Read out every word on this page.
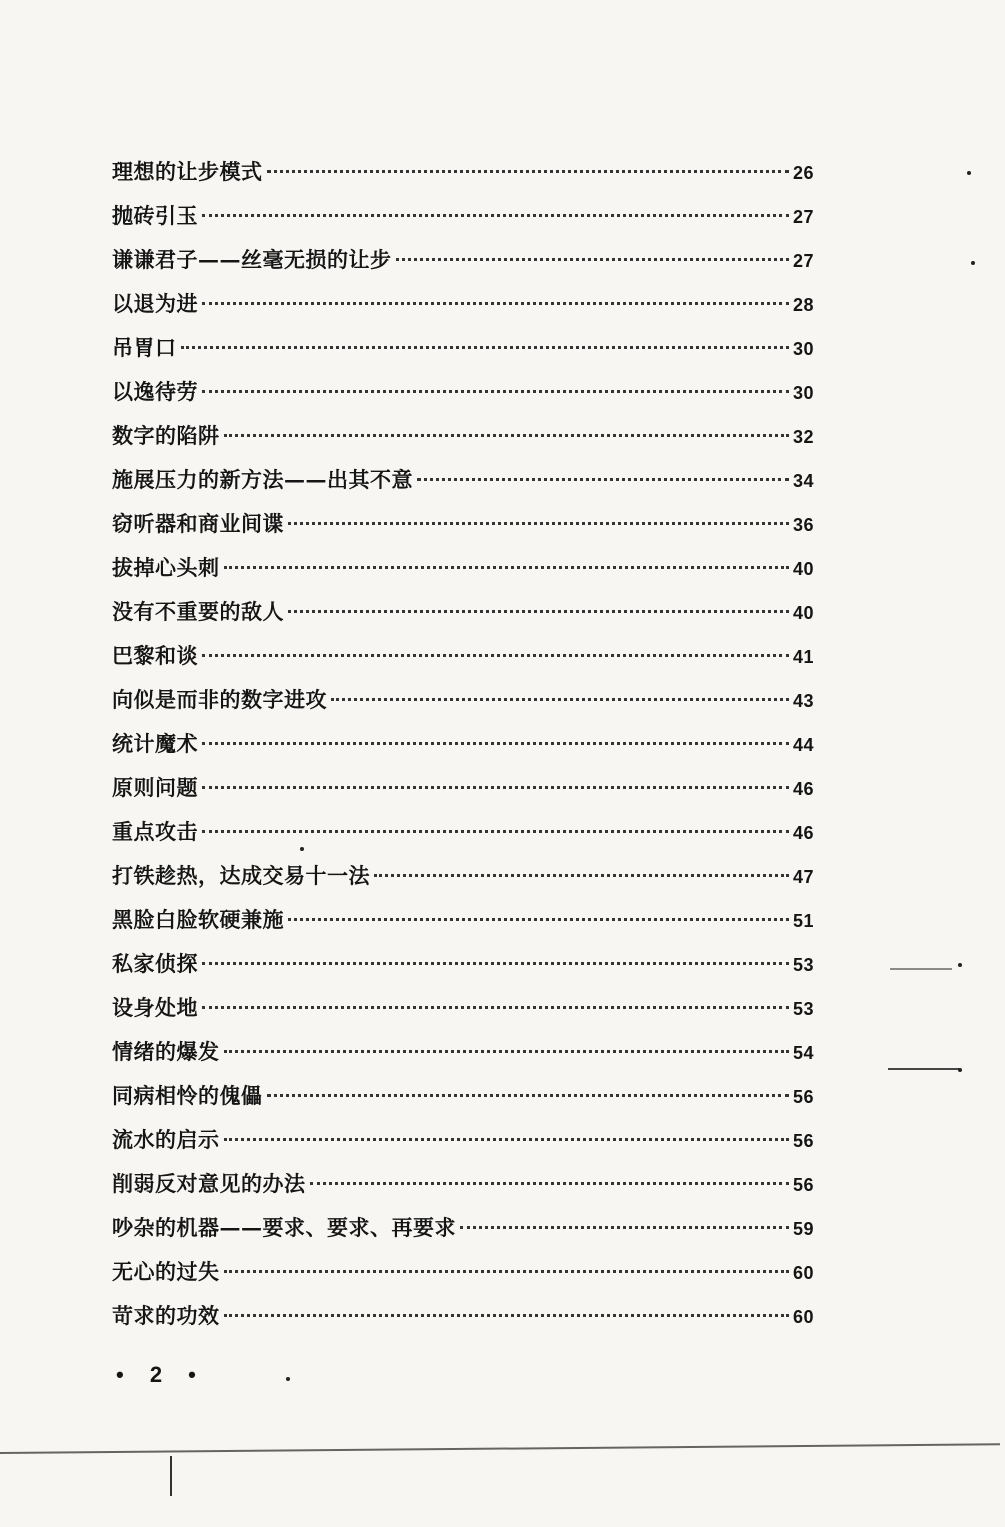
理想的让步模式	26
抛砖引玉	27
谦谦君子——丝毫无损的让步	27
以退为进	28
吊胃口	30
以逸待劳	30
数字的陷阱	32
施展压力的新方法——出其不意	34
窃听器和商业间谍	36
拔掉心头刺	40
没有不重要的敌人	40
巴黎和谈	41
向似是而非的数字进攻	43
统计魔术	44
原则问题	46
重点攻击	46
打铁趁热，达成交易十一法	47
黑脸白脸软硬兼施	51
私家侦探	53
设身处地	53
情绪的爆发	54
同病相怜的傀儡	56
流水的启示	56
削弱反对意见的办法	56
吵杂的机器——要求、要求、再要求	59
无心的过失	60
苛求的功效	60
• 2 •
